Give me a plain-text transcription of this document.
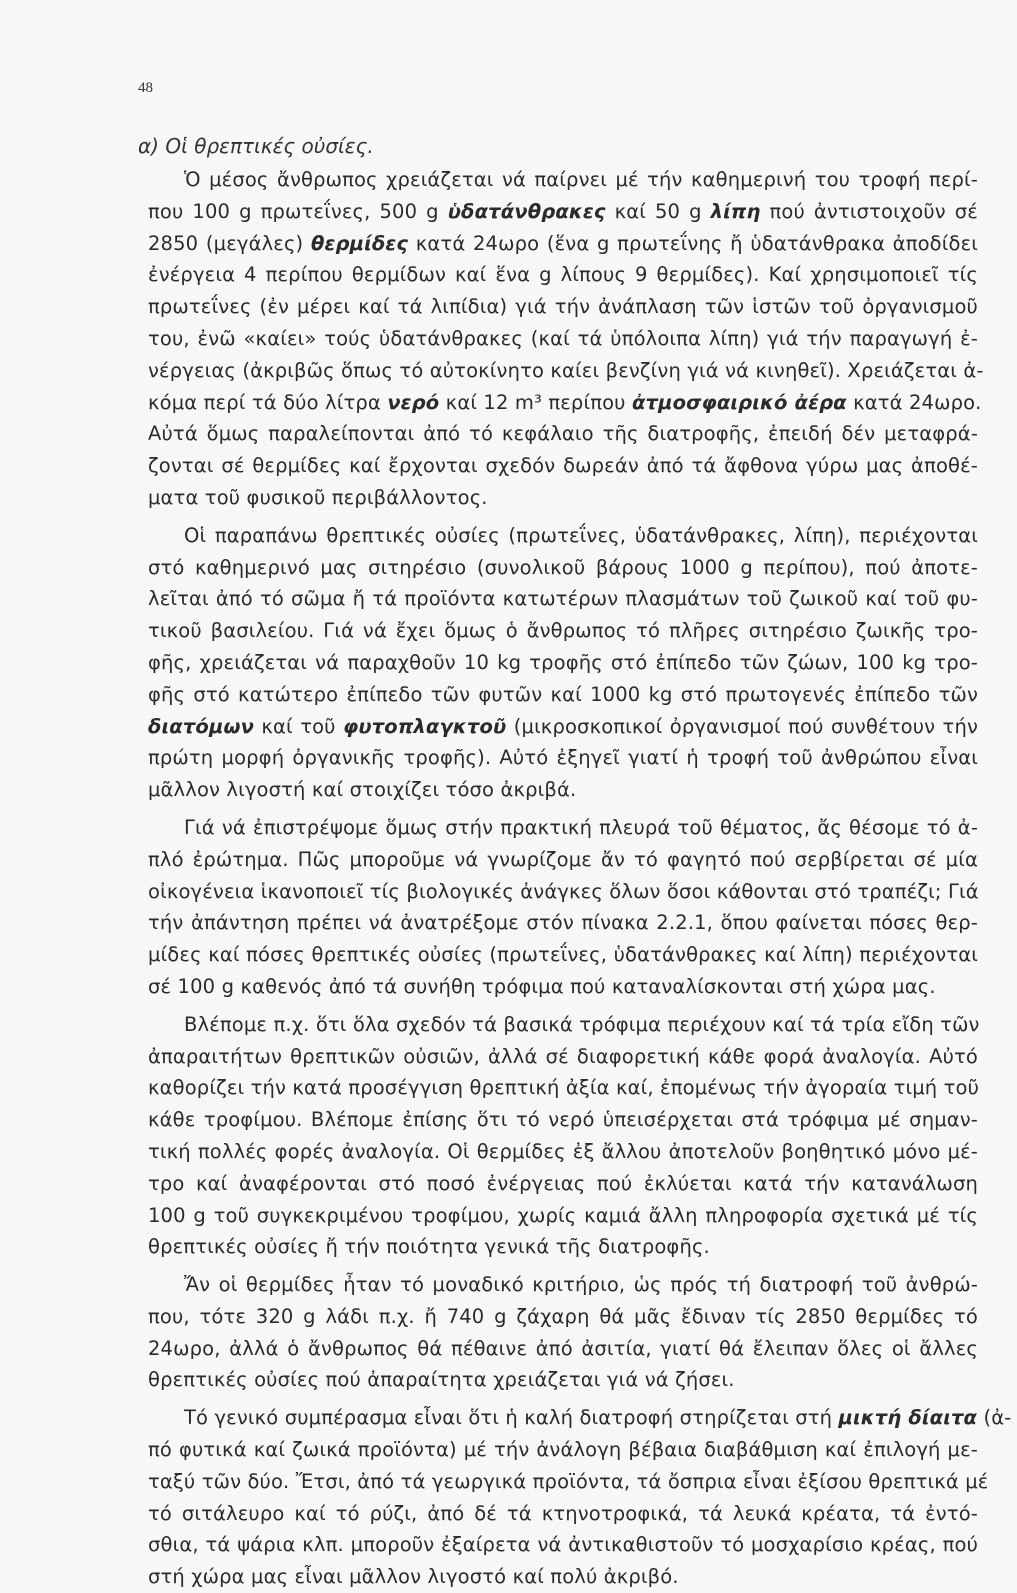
48
α) Οἱ θρεπτικές οὐσίες.
Ὁ μέσος ἄνθρωπος χρειάζεται νά παίρνει μέ τήν καθημερινή του τροφή περί-
που 100 g πρωτεΐνες, 500 g ὑδατάνθρακες καί 50 g λίπη πού ἀντιστοιχοῦν σέ
2850 (μεγάλες) θερμίδες κατά 24ωρο (ἕνα g πρωτεΐνης ἤ ὑδατάνθρακα ἀποδίδει
ἐνέργεια 4 περίπου θερμίδων καί ἕνα g λίπους 9 θερμίδες). Καί χρησιμοποιεῖ τίς
πρωτεΐνες (ἐν μέρει καί τά λιπίδια) γιά τήν ἀνάπλαση τῶν ἱστῶν τοῦ ὀργανισμοῦ
του, ἐνῶ «καίει» τούς ὑδατάνθρακες (καί τά ὑπόλοιπα λίπη) γιά τήν παραγωγή ἐ-
νέργειας (ἀκριβῶς ὅπως τό αὐτοκίνητο καίει βενζίνη γιά νά κινηθεῖ). Χρειάζεται ἀ-
κόμα περί τά δύο λίτρα νερό καί 12 m³ περίπου ἀτμοσφαιρικό ἀέρα κατά 24ωρο.
Αὐτά ὅμως παραλείπονται ἀπό τό κεφάλαιο τῆς διατροφῆς, ἐπειδή δέν μεταφρά-
ζονται σέ θερμίδες καί ἔρχονται σχεδόν δωρεάν ἀπό τά ἄφθονα γύρω μας ἀποθέ-
ματα τοῦ φυσικοῦ περιβάλλοντος.
Οἱ παραπάνω θρεπτικές οὐσίες (πρωτεΐνες, ὑδατάνθρακες, λίπη), περιέχονται
στό καθημερινό μας σιτηρέσιο (συνολικοῦ βάρους 1000 g περίπου), πού ἀποτε-
λεῖται ἀπό τό σῶμα ἤ τά προϊόντα κατωτέρων πλασμάτων τοῦ ζωικοῦ καί τοῦ φυ-
τικοῦ βασιλείου. Γιά νά ἔχει ὅμως ὁ ἄνθρωπος τό πλῆρες σιτηρέσιο ζωικῆς τρο-
φῆς, χρειάζεται νά παραχθοῦν 10 kg τροφῆς στό ἐπίπεδο τῶν ζώων, 100 kg τρο-
φῆς στό κατώτερο ἐπίπεδο τῶν φυτῶν καί 1000 kg στό πρωτογενές ἐπίπεδο τῶν
διατόμων καί τοῦ φυτοπλαγκτοῦ (μικροσκοπικοί ὀργανισμοί πού συνθέτουν τήν
πρώτη μορφή ὀργανικῆς τροφῆς). Αὐτό ἐξηγεῖ γιατί ἡ τροφή τοῦ ἀνθρώπου εἶναι
μᾶλλον λιγοστή καί στοιχίζει τόσο ἀκριβά.
Γιά νά ἐπιστρέψομε ὅμως στήν πρακτική πλευρά τοῦ θέματος, ἄς θέσομε τό ἀ-
πλό ἐρώτημα. Πῶς μποροῦμε νά γνωρίζομε ἄν τό φαγητό πού σερβίρεται σέ μία
οἰκογένεια ἱκανοποιεῖ τίς βιολογικές ἀνάγκες ὅλων ὅσοι κάθονται στό τραπέζι; Γιά
τήν ἀπάντηση πρέπει νά ἀνατρέξομε στόν πίνακα 2.2.1, ὅπου φαίνεται πόσες θερ-
μίδες καί πόσες θρεπτικές οὐσίες (πρωτεΐνες, ὑδατάνθρακες καί λίπη) περιέχονται
σέ 100 g καθενός ἀπό τά συνήθη τρόφιμα πού καταναλίσκονται στή χώρα μας.
Βλέπομε π.χ. ὅτι ὅλα σχεδόν τά βασικά τρόφιμα περιέχουν καί τά τρία εἴδη τῶν
ἀπαραιτήτων θρεπτικῶν οὐσιῶν, ἀλλά σέ διαφορετική κάθε φορά ἀναλογία. Αὐτό
καθορίζει τήν κατά προσέγγιση θρεπτική ἀξία καί, ἐπομένως τήν ἀγοραία τιμή τοῦ
κάθε τροφίμου. Βλέπομε ἐπίσης ὅτι τό νερό ὑπεισέρχεται στά τρόφιμα μέ σημαν-
τική πολλές φορές ἀναλογία. Οἱ θερμίδες ἐξ ἄλλου ἀποτελοῦν βοηθητικό μόνο μέ-
τρο καί ἀναφέρονται στό ποσό ἐνέργειας πού ἐκλύεται κατά τήν κατανάλωση
100 g τοῦ συγκεκριμένου τροφίμου, χωρίς καμιά ἄλλη πληροφορία σχετικά μέ τίς
θρεπτικές οὐσίες ἤ τήν ποιότητα γενικά τῆς διατροφῆς.
Ἄν οἱ θερμίδες ἦταν τό μοναδικό κριτήριο, ὡς πρός τή διατροφή τοῦ ἀνθρώ-
που, τότε 320 g λάδι π.χ. ἤ 740 g ζάχαρη θά μᾶς ἔδιναν τίς 2850 θερμίδες τό
24ωρο, ἀλλά ὁ ἄνθρωπος θά πέθαινε ἀπό ἀσιτία, γιατί θά ἔλειπαν ὅλες οἱ ἄλλες
θρεπτικές οὐσίες πού ἀπαραίτητα χρειάζεται γιά νά ζήσει.
Τό γενικό συμπέρασμα εἶναι ὅτι ἡ καλή διατροφή στηρίζεται στή μικτή δίαιτα (ἀ-
πό φυτικά καί ζωικά προϊόντα) μέ τήν ἀνάλογη βέβαια διαβάθμιση καί ἐπιλογή με-
ταξύ τῶν δύο. Ἔτσι, ἀπό τά γεωργικά προϊόντα, τά ὄσπρια εἶναι ἐξίσου θρεπτικά μέ
τό σιτάλευρο καί τό ρύζι, ἀπό δέ τά κτηνοτροφικά, τά λευκά κρέατα, τά ἐντό-
σθια, τά ψάρια κλπ. μποροῦν ἐξαίρετα νά ἀντικαθιστοῦν τό μοσχαρίσιο κρέας, πού
στή χώρα μας εἶναι μᾶλλον λιγοστό καί πολύ ἀκριβό.
